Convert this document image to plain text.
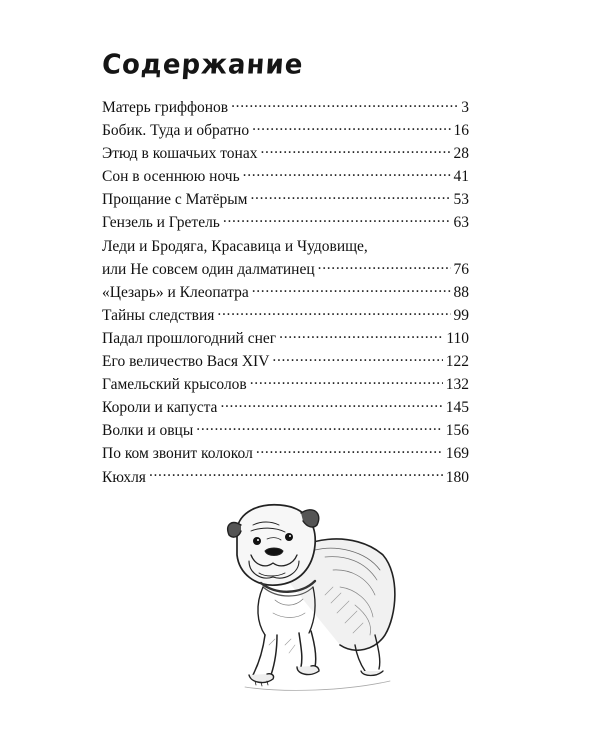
Содержание
Матерь гриффонов . . .	3
Бобик. Туда и обратно . . .	16
Этюд в кошачьих тонах . . .	28
Сон в осеннюю ночь . . .	41
Прощание с Матёрым . . .	53
Гензель и Гретель . . .	63
Леди и Бродяга, Красавица и Чудовище,
или Не совсем один далматинец . . .	76
«Цезарь» и Клеопатра . . .	88
Тайны следствия . . .	99
Падал прошлогодний снег . . .	110
Его величество Вася XIV . . .	122
Гамельский крысолов . . .	132
Короли и капуста . . .	145
Волки и овцы . . .	156
По ком звонит колокол . . .	169
Кюхля . . .	180
